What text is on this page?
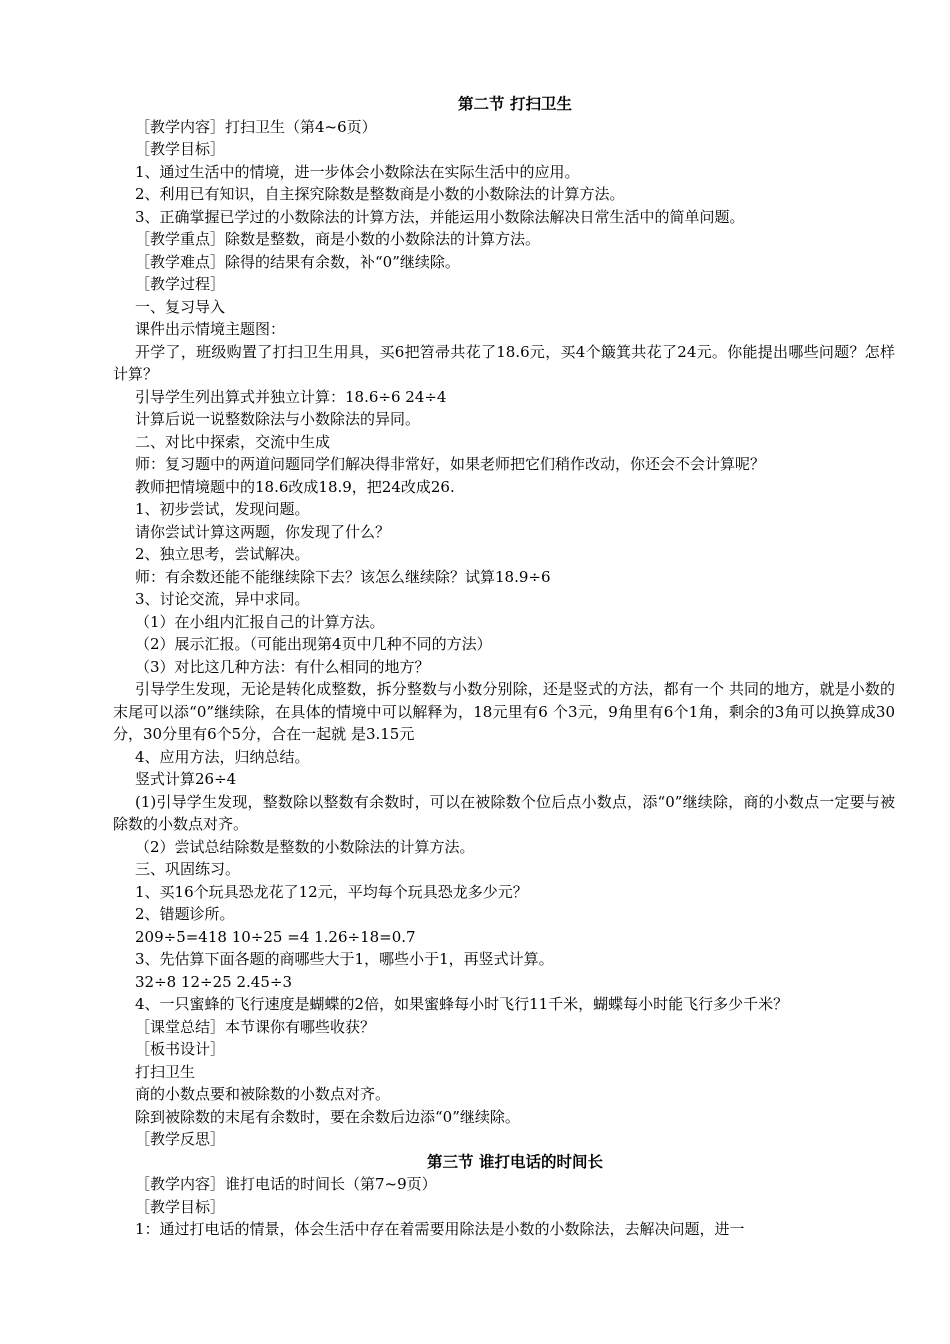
第二节 打扫卫生

［教学内容］打扫卫生（第4~6页）

［教学目标］

1、通过生活中的情境，进一步体会小数除法在实际生活中的应用。

2、利用已有知识，自主探究除数是整数商是小数的小数除法的计算方法。

3、正确掌握已学过的小数除法的计算方法，并能运用小数除法解决日常生活中的简单问题。

［教学重点］除数是整数，商是小数的小数除法的计算方法。

［教学难点］除得的结果有余数，补“0”继续除。

［教学过程］

一、复习导入

课件出示情境主题图：

开学了，班级购置了打扫卫生用具，买6把笤帚共花了18.6元，买4个簸箕共花了24元。你能提出哪些问题？怎样计算？

引导学生列出算式并独立计算：18.6÷6 24÷4

计算后说一说整数除法与小数除法的异同。

二、对比中探索，交流中生成

师：复习题中的两道问题同学们解决得非常好，如果老师把它们稍作改动，你还会不会计算呢？

教师把情境题中的18.6改成18.9，把24改成26.

1、初步尝试，发现问题。

请你尝试计算这两题，你发现了什么？

2、独立思考，尝试解决。

师：有余数还能不能继续除下去？该怎么继续除？试算18.9÷6

3、讨论交流，异中求同。

（1）在小组内汇报自己的计算方法。

（2）展示汇报。（可能出现第4页中几种不同的方法）

（3）对比这几种方法：有什么相同的地方？

引导学生发现，无论是转化成整数，拆分整数与小数分别除，还是竖式的方法，都有一个 共同的地方，就是小数的末尾可以添“0”继续除，在具体的情境中可以解释为，18元里有6 个3元，9角里有6个1角，剩余的3角可以换算成30分，30分里有6个5分，合在一起就 是3.15元

4、应用方法，归纳总结。

竖式计算26÷4

(1)引导学生发现，整数除以整数有余数时，可以在被除数个位后点小数点，添“0”继续除，商的小数点一定要与被除数的小数点对齐。

（2）尝试总结除数是整数的小数除法的计算方法。

三、巩固练习。

1、买16个玩具恐龙花了12元，平均每个玩具恐龙多少元？

2、错题诊所。

209÷5=418 10÷25 =4 1.26÷18=0.7

3、先估算下面各题的商哪些大于1，哪些小于1，再竖式计算。

32÷8 12÷25 2.45÷3

4、一只蜜蜂的飞行速度是蝴蝶的2倍，如果蜜蜂每小时飞行11千米，蝴蝶每小时能飞行多少千米？

［课堂总结］本节课你有哪些收获？

［板书设计］

打扫卫生

商的小数点要和被除数的小数点对齐。

除到被除数的末尾有余数时，要在余数后边添“0”继续除。

［教学反思］

第三节 谁打电话的时间长

［教学内容］谁打电话的时间长（第7~9页）

［教学目标］

1：通过打电话的情景，体会生活中存在着需要用除法是小数的小数除法，去解决问题，进一
